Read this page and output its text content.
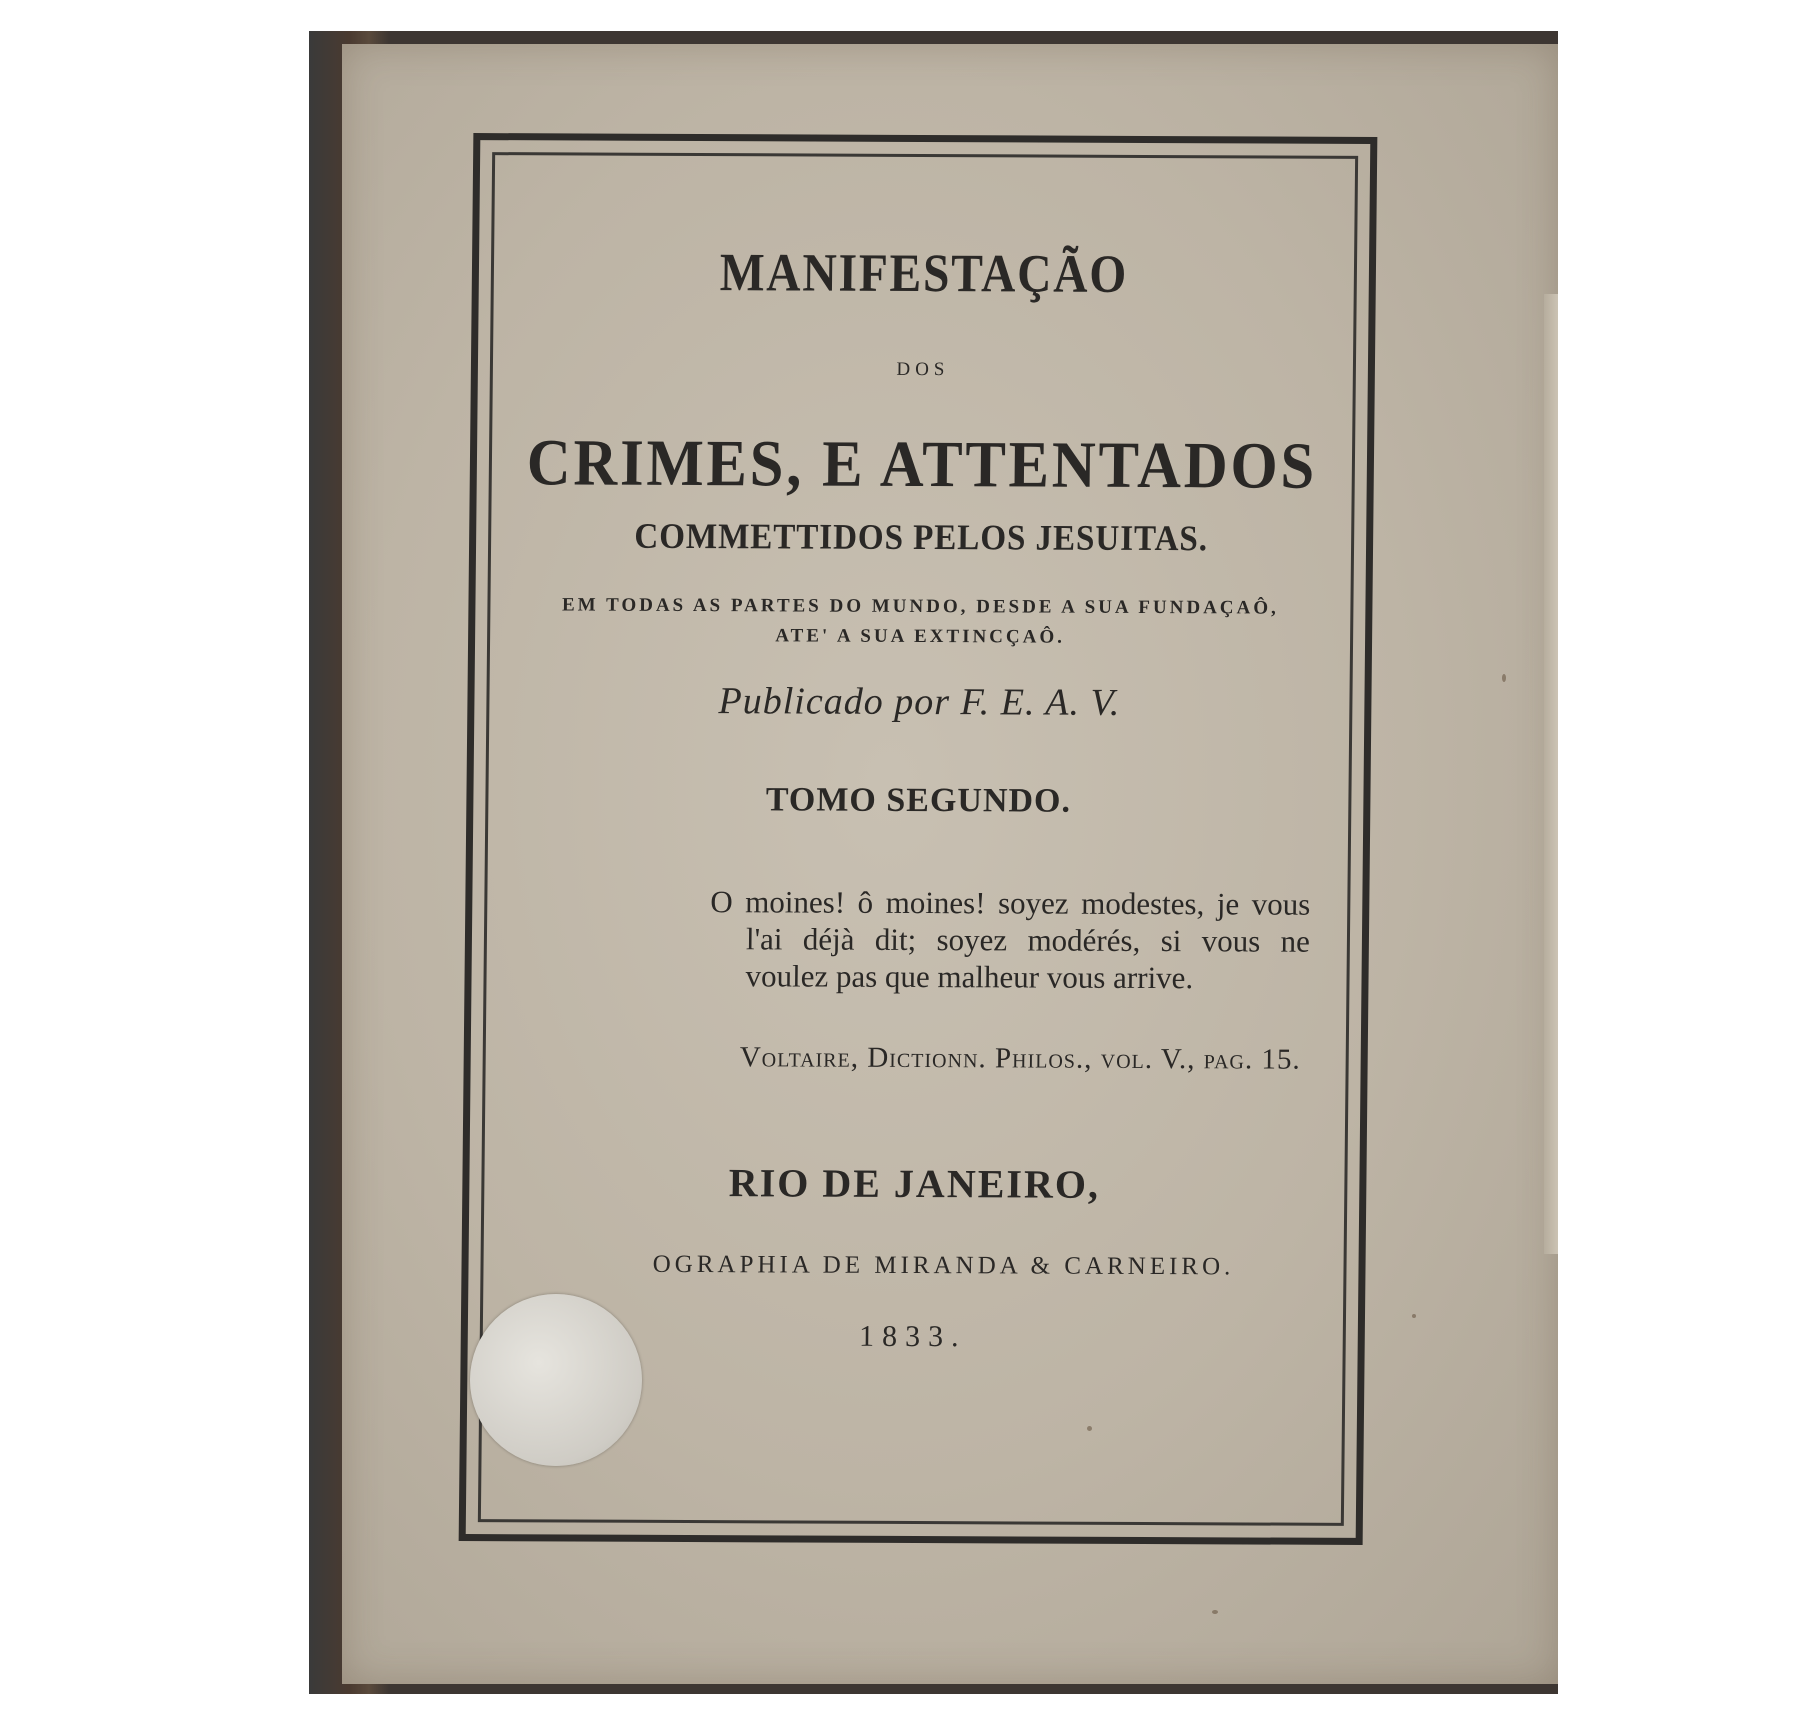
MANIFESTAÇÃO
DOS
CRIMES, E ATTENTADOS
COMMETTIDOS PELOS JESUITAS.
EM TODAS AS PARTES DO MUNDO, DESDE A SUA FUNDAÇAÔ,
ATE' A SUA EXTINCÇAÔ.
Publicado por F. E. A. V.
TOMO SEGUNDO.
O moines! ô moines! soyez modestes, je vous l'ai déjà dit; soyez modérés, si vous ne voulez pas que malheur vous arrive.
Voltaire, Dictionn. Philos., vol. V., pag. 15.
RIO DE JANEIRO,
OGRAPHIA DE MIRANDA & CARNEIRO.
1833.
